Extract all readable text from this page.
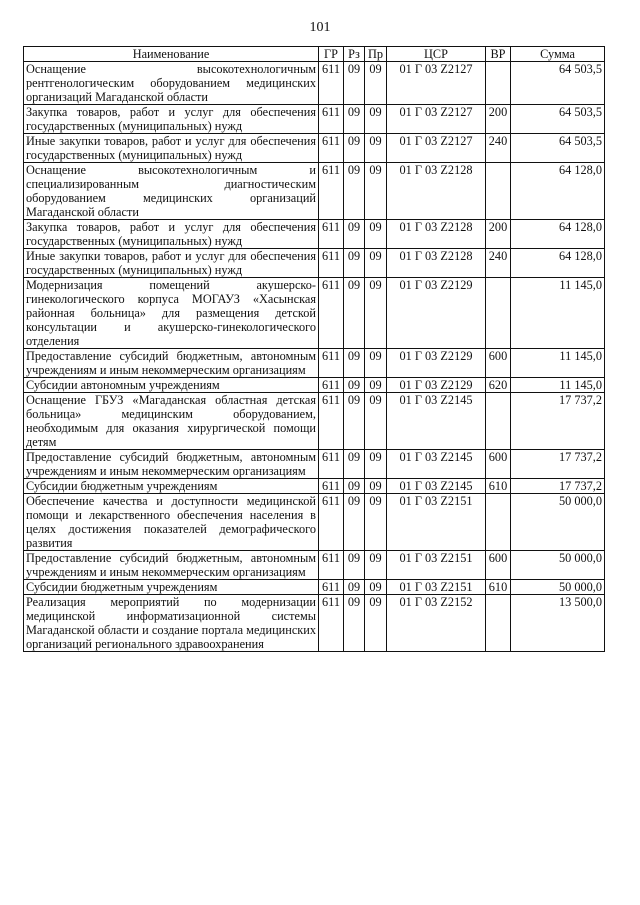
101
Наименование	ГР	Рз	Пр	ЦСР	ВР	Сумма
Оснащение высокотехнологичным рентгенологическим оборудованием медицинских организаций Магаданской области	611	09	09	01 Г 03 Z2127		64 503,5
Закупка товаров, работ и услуг для обеспечения государственных (муниципальных) нужд	611	09	09	01 Г 03 Z2127	200	64 503,5
Иные закупки товаров, работ и услуг для обеспечения государственных (муниципальных) нужд	611	09	09	01 Г 03 Z2127	240	64 503,5
Оснащение высокотехнологичным и специализированным диагностическим оборудованием медицинских организаций Магаданской области	611	09	09	01 Г 03 Z2128		64 128,0
Закупка товаров, работ и услуг для обеспечения государственных (муниципальных) нужд	611	09	09	01 Г 03 Z2128	200	64 128,0
Иные закупки товаров, работ и услуг для обеспечения государственных (муниципальных) нужд	611	09	09	01 Г 03 Z2128	240	64 128,0
Модернизация помещений акушерско-гинекологического корпуса МОГАУЗ «Хасынская районная больница» для размещения детской консультации и акушерско-гинекологического отделения	611	09	09	01 Г 03 Z2129		11 145,0
Предоставление субсидий бюджетным, автономным учреждениям и иным некоммерческим организациям	611	09	09	01 Г 03 Z2129	600	11 145,0
Субсидии автономным учреждениям	611	09	09	01 Г 03 Z2129	620	11 145,0
Оснащение ГБУЗ «Магаданская областная детская больница» медицинским оборудованием, необходимым для оказания хирургической помощи детям	611	09	09	01 Г 03 Z2145		17 737,2
Предоставление субсидий бюджетным, автономным учреждениям и иным некоммерческим организациям	611	09	09	01 Г 03 Z2145	600	17 737,2
Субсидии бюджетным учреждениям	611	09	09	01 Г 03 Z2145	610	17 737,2
Обеспечение качества и доступности медицинской помощи и лекарственного обеспечения населения в целях достижения показателей демографического развития	611	09	09	01 Г 03 Z2151		50 000,0
Предоставление субсидий бюджетным, автономным учреждениям и иным некоммерческим организациям	611	09	09	01 Г 03 Z2151	600	50 000,0
Субсидии бюджетным учреждениям	611	09	09	01 Г 03 Z2151	610	50 000,0
Реализация мероприятий по модернизации медицинской информатизационной системы Магаданской области и создание портала медицинских организаций регионального здравоохранения	611	09	09	01 Г 03 Z2152		13 500,0
